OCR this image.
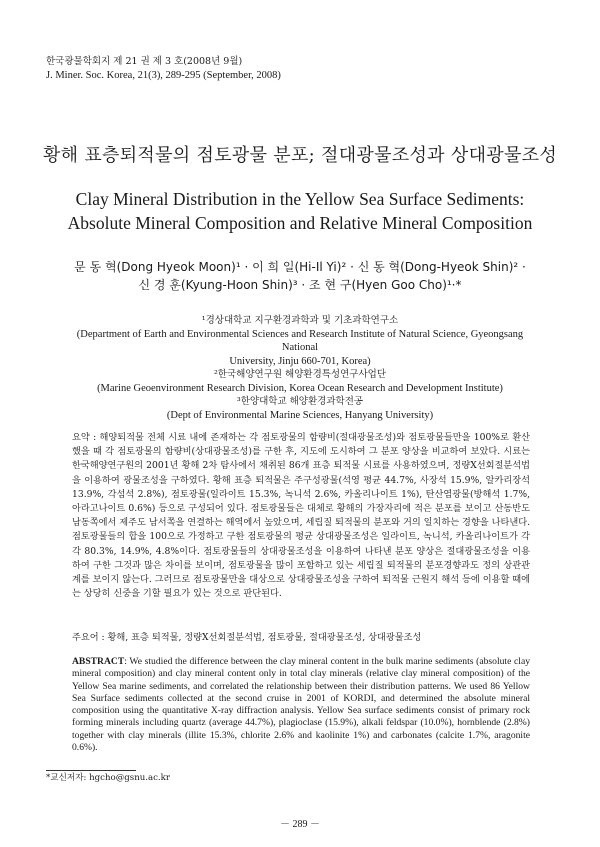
한국광물학회지 제 21 권 제 3 호(2008년 9월)
J. Miner. Soc. Korea, 21(3), 289-295 (September, 2008)
황해 표층퇴적물의 점토광물 분포; 절대광물조성과 상대광물조성
Clay Mineral Distribution in the Yellow Sea Surface Sediments:
Absolute Mineral Composition and Relative Mineral Composition
문 동 혁(Dong Hyeok Moon)¹ · 이 희 일(Hi-Il Yi)² · 신 동 혁(Dong-Hyeok Shin)² ·
신 경 훈(Kyung-Hoon Shin)³ · 조 현 구(Hyen Goo Cho)¹·*
¹경상대학교 지구환경과학과 및 기초과학연구소
(Department of Earth and Environmental Sciences and Research Institute of Natural Science, Gyeongsang National
University, Jinju 660-701, Korea)
²한국해양연구원 해양환경특성연구사업단
(Marine Geoenvironment Research Division, Korea Ocean Research and Development Institute)
³한양대학교 해양환경과학전공
(Dept of Environmental Marine Sciences, Hanyang University)
요약 : 해양퇴적물 전체 시료 내에 존재하는 각 점토광물의 함량비(절대광물조성)와 점토광물들만을 100%로 환산했을 때 각 점토광물의 함량비(상대광물조성)를 구한 후, 지도에 도시하여 그 분포 양상을 비교하여 보았다. 시료는 한국해양연구원의 2001년 황해 2차 탐사에서 채취된 86개 표층 퇴적물 시료를 사용하였으며, 정량X선회절분석법을 이용하여 광물조성을 구하였다. 황해 표층 퇴적물은 주구성광물(석영 평균 44.7%, 사장석 15.9%, 알카리장석 13.9%, 각섬석 2.8%), 점토광물(일라이트 15.3%, 녹니석 2.6%, 카올리나이트 1%), 탄산염광물(방해석 1.7%, 아라고나이트 0.6%) 등으로 구성되어 있다. 점토광물들은 대체로 황해의 가장자리에 적은 분포를 보이고 산동반도 남동쪽에서 제주도 남서쪽을 연결하는 해역에서 높았으며, 세립질 퇴적물의 분포와 거의 일치하는 경향을 나타낸다. 점토광물들의 합을 100으로 가정하고 구한 점토광물의 평균 상대광물조성은 일라이트, 녹니석, 카올리나이트가 각각 80.3%, 14.9%, 4.8%이다. 점토광물들의 상대광물조성을 이용하여 나타낸 분포 양상은 절대광물조성을 이용하여 구한 그것과 많은 차이를 보이며, 점토광물을 많이 포함하고 있는 세립질 퇴적물의 분포경향과도 정의 상관관계를 보이지 않는다. 그러므로 점토광물만을 대상으로 상대광물조성을 구하여 퇴적물 근원지 해석 등에 이용할 때에는 상당히 신중을 기할 필요가 있는 것으로 판단된다.
주요어 : 황해, 표층 퇴적물, 정량X선회절분석법, 점토광물, 절대광물조성, 상대광물조성
ABSTRACT: We studied the difference between the clay mineral content in the bulk marine sediments (absolute clay mineral composition) and clay mineral content only in total clay minerals (relative clay mineral composition) of the Yellow Sea marine sediments, and correlated the relationship between their distribution patterns. We used 86 Yellow Sea Surface sediments collected at the second cruise in 2001 of KORDI, and determined the absolute mineral composition using the quantitative X-ray diffraction analysis. Yellow Sea surface sediments consist of primary rock forming minerals including quartz (average 44.7%), plagioclase (15.9%), alkali feldspar (10.0%), hornblende (2.8%) together with clay minerals (illite 15.3%, chlorite 2.6% and kaolinite 1%) and carbonates (calcite 1.7%, aragonite 0.6%).
*교신저자: hgcho@gsnu.ac.kr
－ 289 －
